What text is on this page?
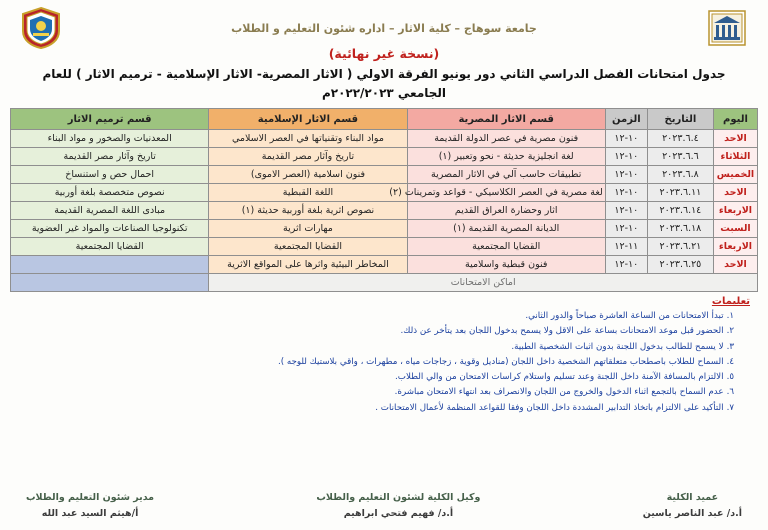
جامعة سوهاج – كلية الاثار – اداره شئون التعليم و الطلاب
(نسخة غير نهائية)
جدول امتحانات الفصل الدراسي الثاني دور يونيو الفرقة الاولي ( الاثار المصرية- الاثار الإسلامية - ترميم الاثار ) للعام
الجامعي ٢٠٢٢/٢٠٢٣م
اليوم	التاريخ	الزمن	قسم الاثار المصرية	قسم الاثار الإسلامية	قسم ترميم الاثار
الاحد	٢٠٢٣.٦.٤	١٠-١٢	فنون مصرية في عصر الدولة القديمة	مواد البناء وتقنياتها في العصر الاسلامي	المعدنيات والصخور و مواد البناء
الثلاثاء	٢٠٢٣.٦.٦	١٠-١٢	لغة انجليزية حديثة - نحو وتعبير (١)	تاريخ وآثار مصر القديمة	تاريخ وآثار مصر القديمة
الخميس	٢٠٢٣.٦.٨	١٠-١٢	تطبيقات حاسب آلي في الاثار المصرية	فنون اسلامية (العصر الاموى)	احمال حص و استنساخ
الاحد	٢٠٢٣.٦.١١	١٠-١٢	لغة مصرية في العصر الكلاسيكي - قواعد وتمرينات (٢)	اللغة القبطية	نصوص متخصصة بلغة أوربية
الاربعاء	٢٠٢٣.٦.١٤	١٠-١٢	اثار وحضارة العراق القديم	نصوص اثرية بلغة أوربية حديثة (١)	مبادى اللغة المصرية القديمة
السبت	٢٠٢٣.٦.١٨	١٠-١٢	الديانة المصرية القديمة (١)	مهارات اثرية	تكنولوجيا الصناعات والمواد غير العضوية
الاربعاء	٢٠٢٣.٦.٢١	١١-١٢	القضايا المجتمعية	القضايا المجتمعية	القضايا المجتمعية
الاحد	٢٠٢٣.٦.٢٥	١٠-١٢	فنون قبطية واسلامية	المخاطر البيئية واثرها على المواقع الاثرية	
اماكن الامتحانات					
تعليمات
١.تبدأ الامتحانات من الساعة العاشرة صباحاً والدور الثاني.
٢.الحضور قبل موعد الامتحانات بساعة على الاقل ولا يسمح بدخول اللجان بعد يتأخر عن ذلك.
٣.لا يسمح للطالب بدخول اللجنة بدون اثبات الشخصية الطبية.
٤.السماح للطلاب باصطحاب متعلقاتهم الشخصية داخل اللجان (مناديل وقوية ، زجاجات مياه ، مطهرات ، واقي بلاستيك للوجه ).
٥.الالتزام بالمسافة الآمنة داخل اللجنة وعند تسليم واستلام كراسات الامتحان من والي الطلاب.
٦.عدم السماح بالتجمع اثناء الدخول والخروج من اللجان والانصراف بعد انتهاء الامتحان مباشرة.
٧.التأكيد على الالتزام باتخاذ التدابير المشددة داخل اللجان وفقا للقواعد المنظمة لأعمال الامتحانات .
عميد الكلية
أ.د/ عبد الناصر ياسين
وكيل الكلية لشئون التعليم والطلاب
أ.د/ فهيم فتحي ابراهيم
مدير شئون التعليم والطلاب
أ/هيثم السيد عبد الله
